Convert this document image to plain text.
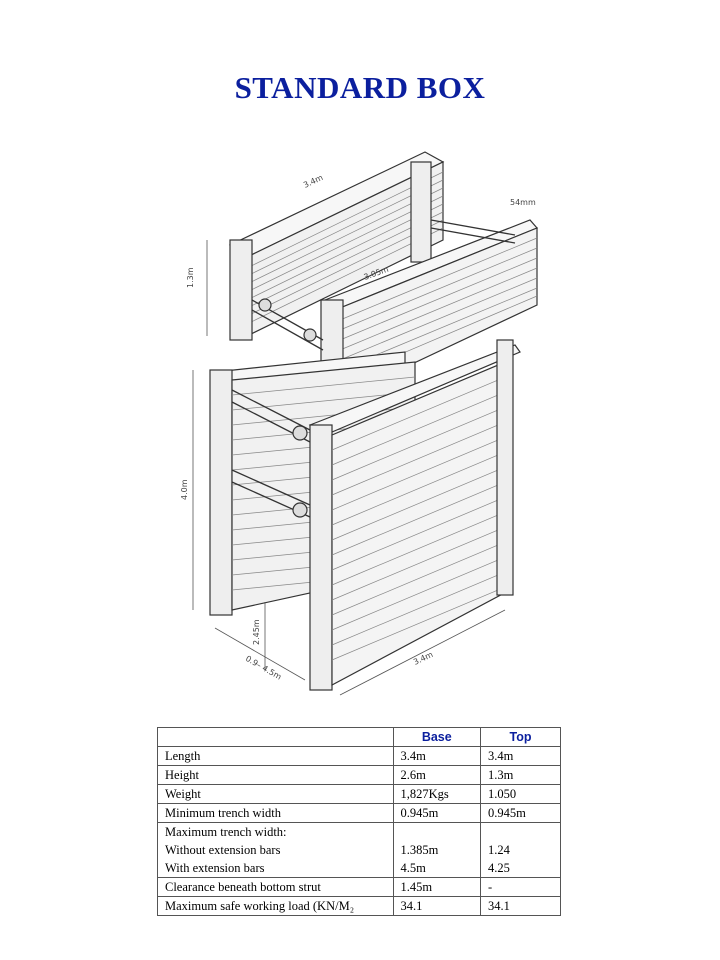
STANDARD BOX
3.4m
3.05m
54mm
1.3m
4.0m
2.45m
0.9– 4.5m	3.4m
	Base	Top
Length	3.4m	3.4m
Height	2.6m	1.3m
Weight	1,827Kgs	1.050
Minimum trench width	0.945m	0.945m
Maximum trench width:		
Without extension bars	1.385m	1.24
With extension bars	4.5m	4.25
Clearance beneath bottom strut	1.45m	-
Maximum safe working load (KN/M₂	34.1	34.1
